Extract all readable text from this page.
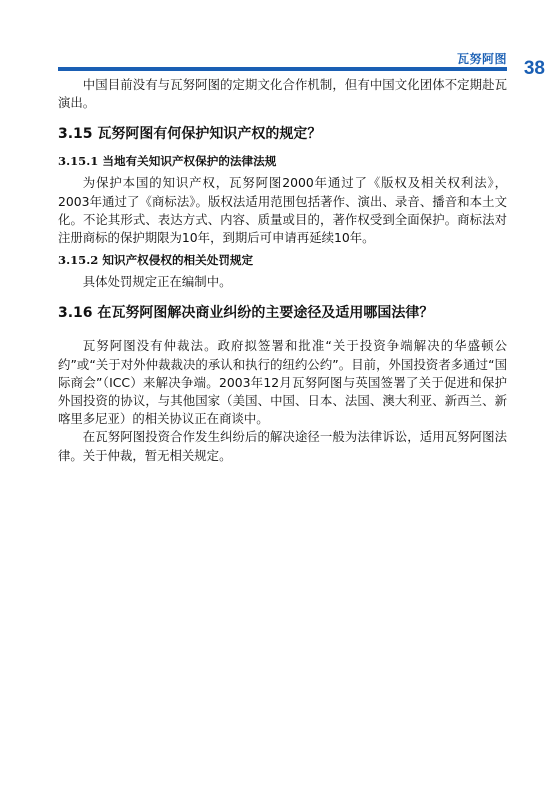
瓦努阿图 38

中国目前没有与瓦努阿图的定期文化合作机制，但有中国文化团体不定期赴瓦演出。

3.15 瓦努阿图有何保护知识产权的规定？
3.15.1 当地有关知识产权保护的法律法规

为保护本国的知识产权，瓦努阿图2000年通过了《版权及相关权利法》，2003年通过了《商标法》。版权法适用范围包括著作、演出、录音、播音和本土文化。不论其形式、表达方式、内容、质量或目的，著作权受到全面保护。商标法对注册商标的保护期限为10年，到期后可申请再延续10年。

3.15.2 知识产权侵权的相关处罚规定

具体处罚规定正在编制中。

3.16 在瓦努阿图解决商业纠纷的主要途径及适用哪国法律？

瓦努阿图没有仲裁法。政府拟签署和批准“关于投资争端解决的华盛顿公约”或“关于对外仲裁裁决的承认和执行的纽约公约”。目前，外国投资者多通过“国际商会”（ICC）来解决争端。2003年12月瓦努阿图与英国签署了关于促进和保护外国投资的协议，与其他国家（美国、中国、日本、法国、澳大利亚、新西兰、新喀里多尼亚）的相关协议正在商谈中。

在瓦努阿图投资合作发生纠纷后的解决途径一般为法律诉讼，适用瓦努阿图法律。关于仲裁，暂无相关规定。
